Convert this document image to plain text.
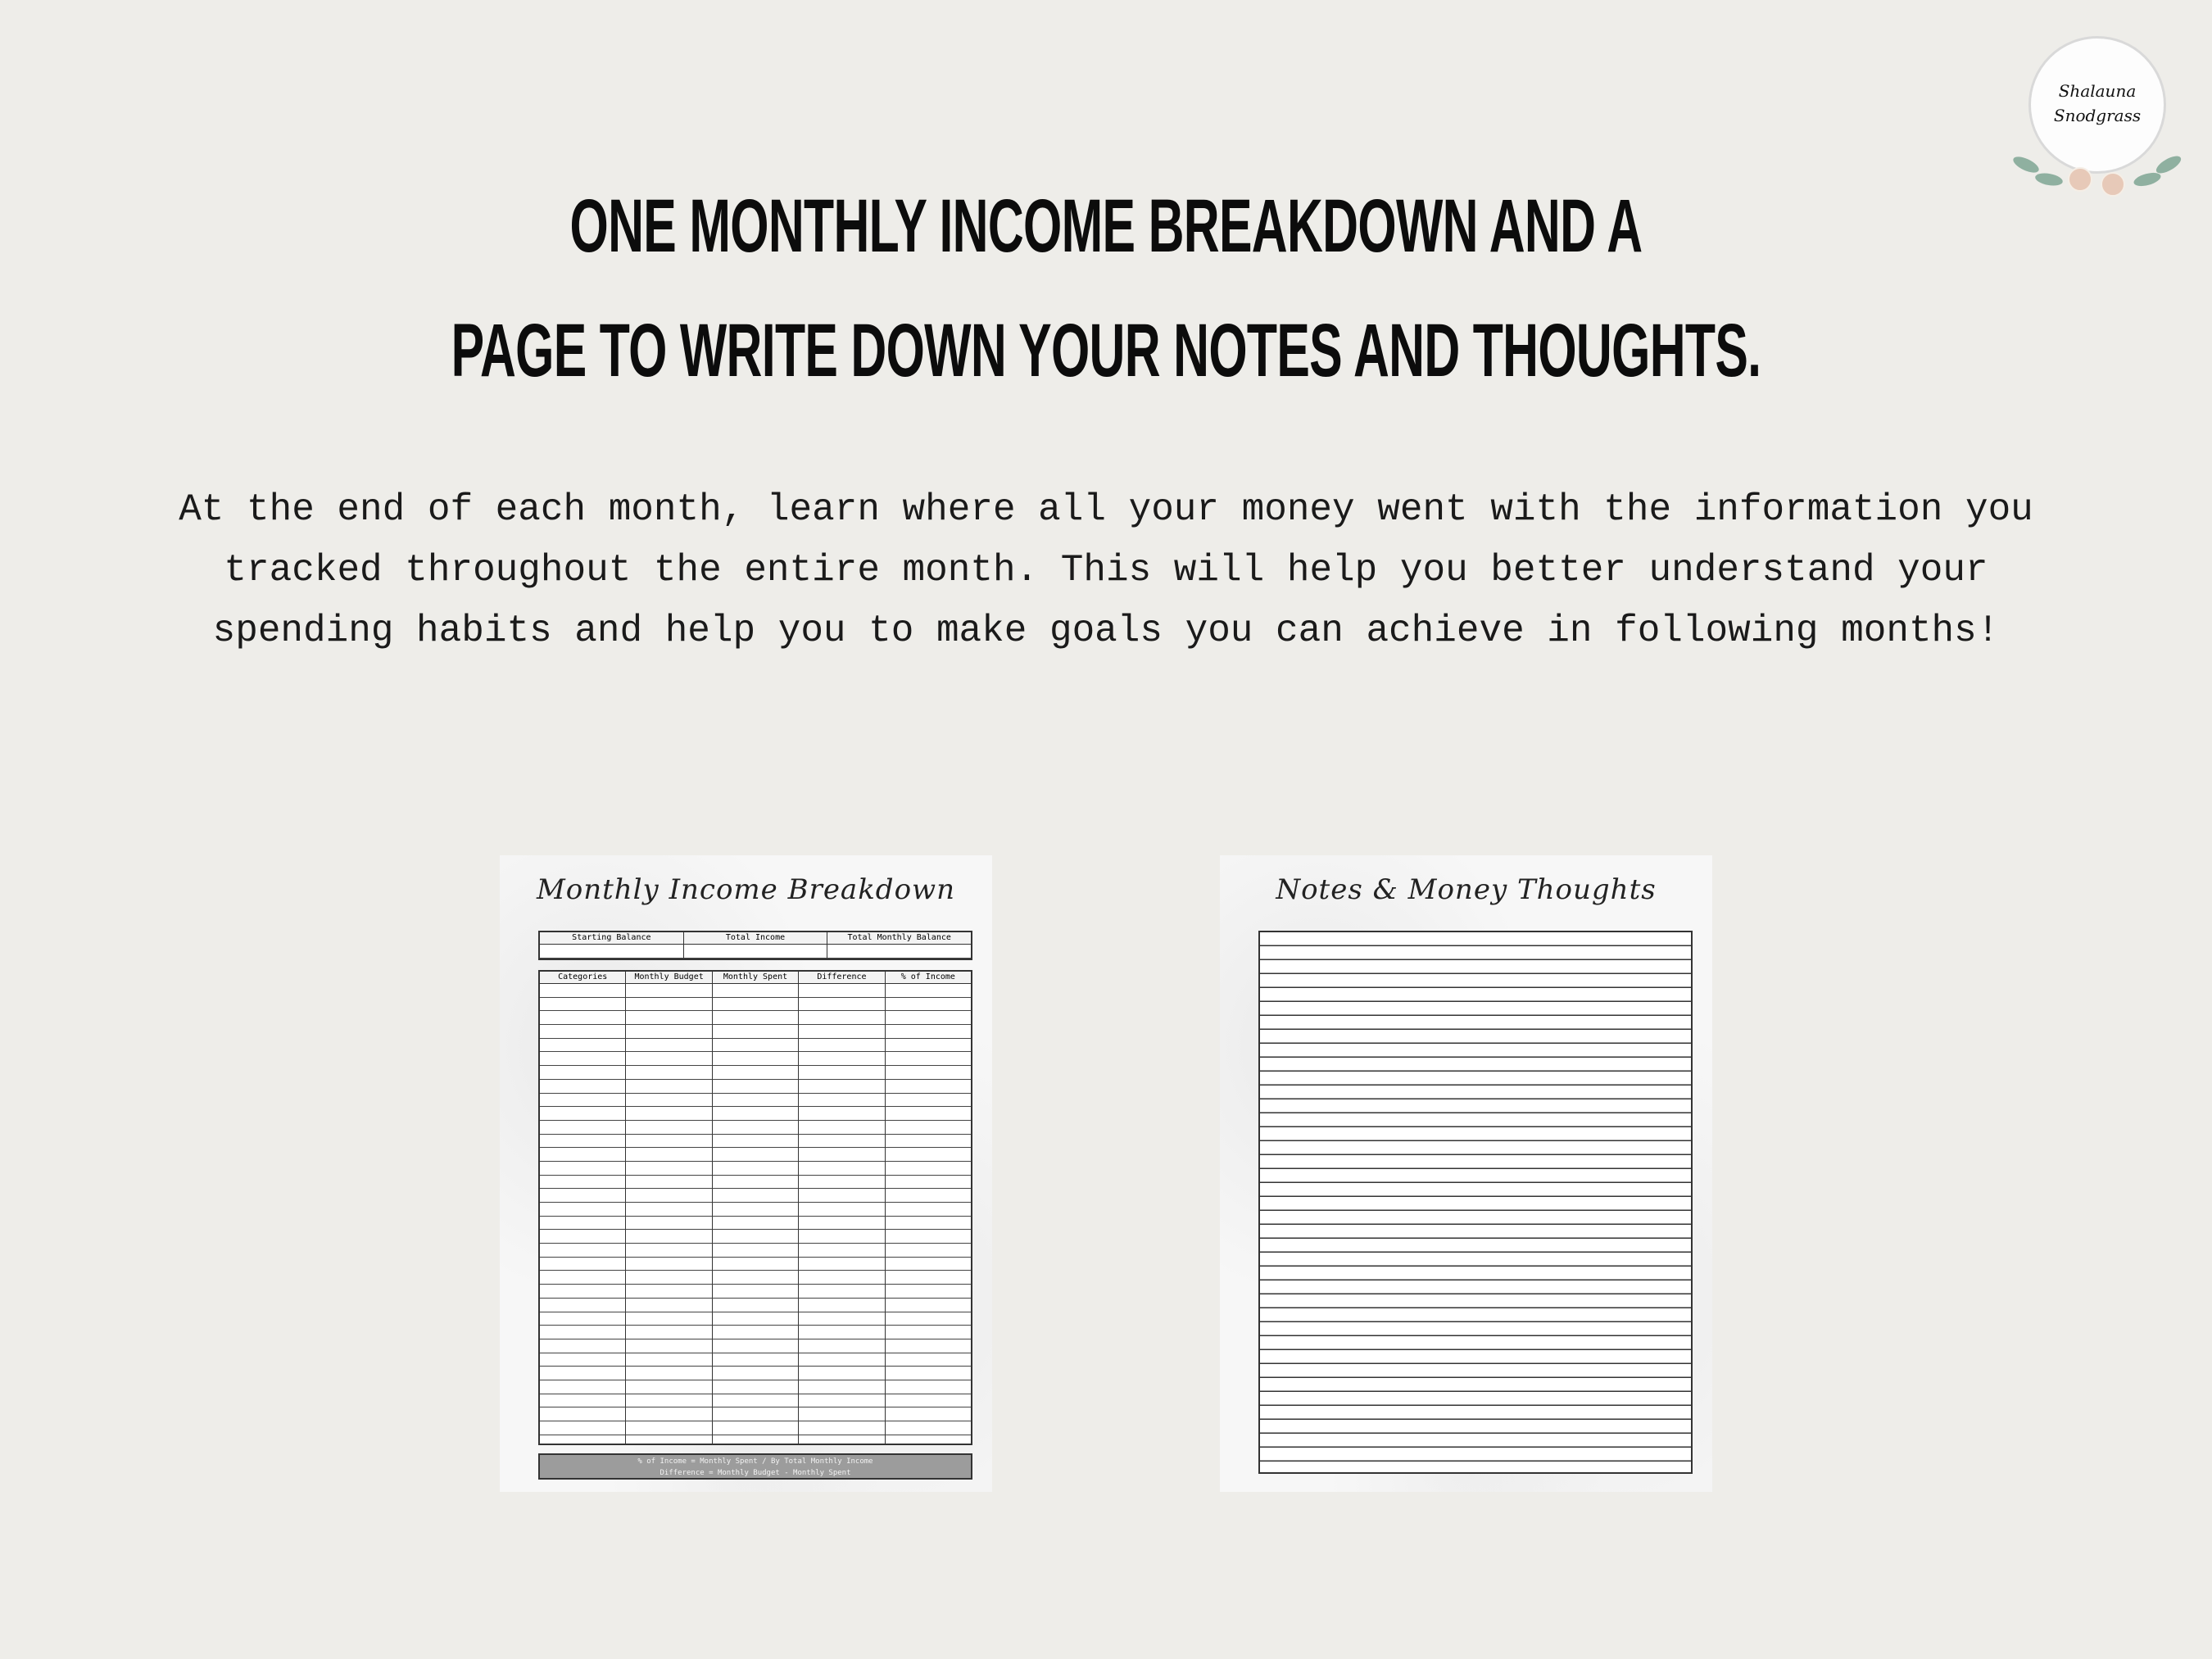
ONE MONTHLY INCOME BREAKDOWN AND A
PAGE TO WRITE DOWN YOUR NOTES AND THOUGHTS.
At the end of each month, learn where all your money went with the information you
tracked throughout the entire month. This will help you better understand your
spending habits and help you to make goals you can achieve in following months!
Shalauna
Snodgrass
Monthly Income Breakdown
Starting Balance	Total Income	Total Monthly Balance
Categories	Monthly Budget	Monthly Spent	Difference	% of Income
% of Income = Monthly Spent / By Total Monthly Income
Difference = Monthly Budget - Monthly Spent
Notes & Money Thoughts
